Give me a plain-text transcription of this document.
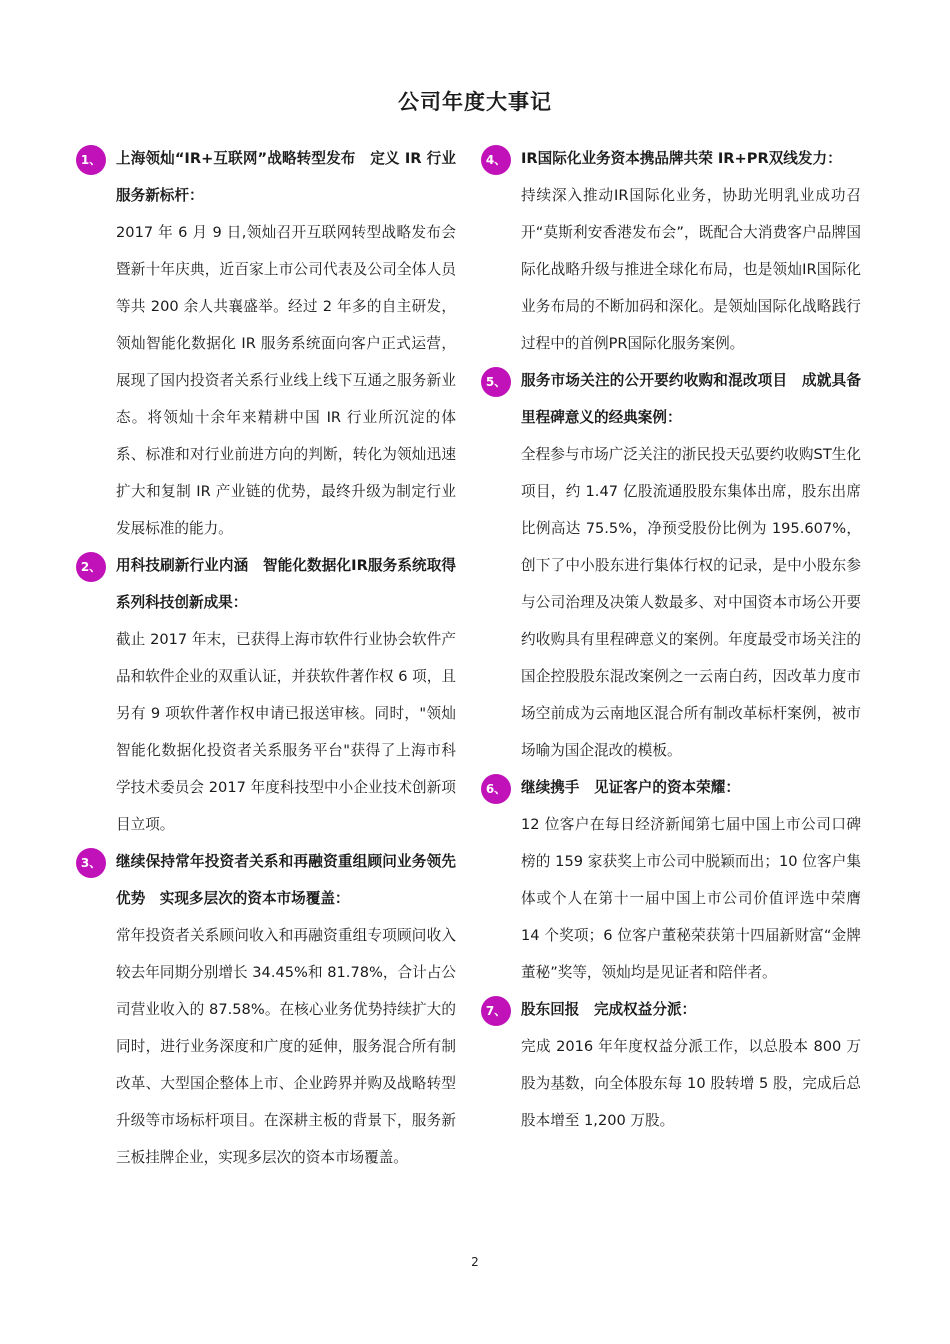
公司年度大事记
1、	上海领灿“IR+互联网”战略转型发布　定义 IR 行业服务新标杆：

2017 年 6 月 9 日,领灿召开互联网转型战略发布会暨新十年庆典，近百家上市公司代表及公司全体人员等共 200 余人共襄盛举。经过 2 年多的自主研发，领灿智能化数据化 IR 服务系统面向客户正式运营，展现了国内投资者关系行业线上线下互通之服务新业态。将领灿十余年来精耕中国 IR 行业所沉淀的体系、标准和对行业前进方向的判断，转化为领灿迅速扩大和复制 IR 产业链的优势，最终升级为制定行业发展标准的能力。

2、	用科技刷新行业内涵　智能化数据化IR服务系统取得系列科技创新成果：

截止 2017 年末，已获得上海市软件行业协会软件产品和软件企业的双重认证，并获软件著作权 6 项，且另有 9 项软件著作权申请已报送审核。同时，"领灿智能化数据化投资者关系服务平台"获得了上海市科学技术委员会 2017 年度科技型中小企业技术创新项目立项。

3、	继续保持常年投资者关系和再融资重组顾问业务领先优势　实现多层次的资本市场覆盖：

常年投资者关系顾问收入和再融资重组专项顾问收入较去年同期分别增长 34.45%和 81.78%，合计占公司营业收入的 87.58%。在核心业务优势持续扩大的同时，进行业务深度和广度的延伸，服务混合所有制改革、大型国企整体上市、企业跨界并购及战略转型升级等市场标杆项目。在深耕主板的背景下，服务新三板挂牌企业，实现多层次的资本市场覆盖。

4、	IR国际化业务资本携品牌共荣 IR+PR双线发力：

持续深入推动IR国际化业务，协助光明乳业成功召开“莫斯利安香港发布会”，既配合大消费客户品牌国际化战略升级与推进全球化布局，也是领灿IR国际化业务布局的不断加码和深化。是领灿国际化战略践行过程中的首例PR国际化服务案例。

5、	服务市场关注的公开要约收购和混改项目　成就具备里程碑意义的经典案例：

全程参与市场广泛关注的浙民投天弘要约收购ST生化项目，约 1.47 亿股流通股股东集体出席，股东出席比例高达 75.5%，净预受股份比例为 195.607%，创下了中小股东进行集体行权的记录，是中小股东参与公司治理及决策人数最多、对中国资本市场公开要约收购具有里程碑意义的案例。年度最受市场关注的国企控股股东混改案例之一云南白药，因改革力度市场空前成为云南地区混合所有制改革标杆案例，被市场喻为国企混改的模板。

6、	继续携手　见证客户的资本荣耀：

12 位客户在每日经济新闻第七届中国上市公司口碑榜的 159 家获奖上市公司中脱颖而出；10 位客户集体或个人在第十一届中国上市公司价值评选中荣膺 14 个奖项；6 位客户董秘荣获第十四届新财富“金牌董秘”奖等，领灿均是见证者和陪伴者。

7、	股东回报　完成权益分派：

完成 2016 年年度权益分派工作，以总股本 800 万股为基数，向全体股东每 10 股转增 5 股，完成后总股本增至 1,200 万股。

2
